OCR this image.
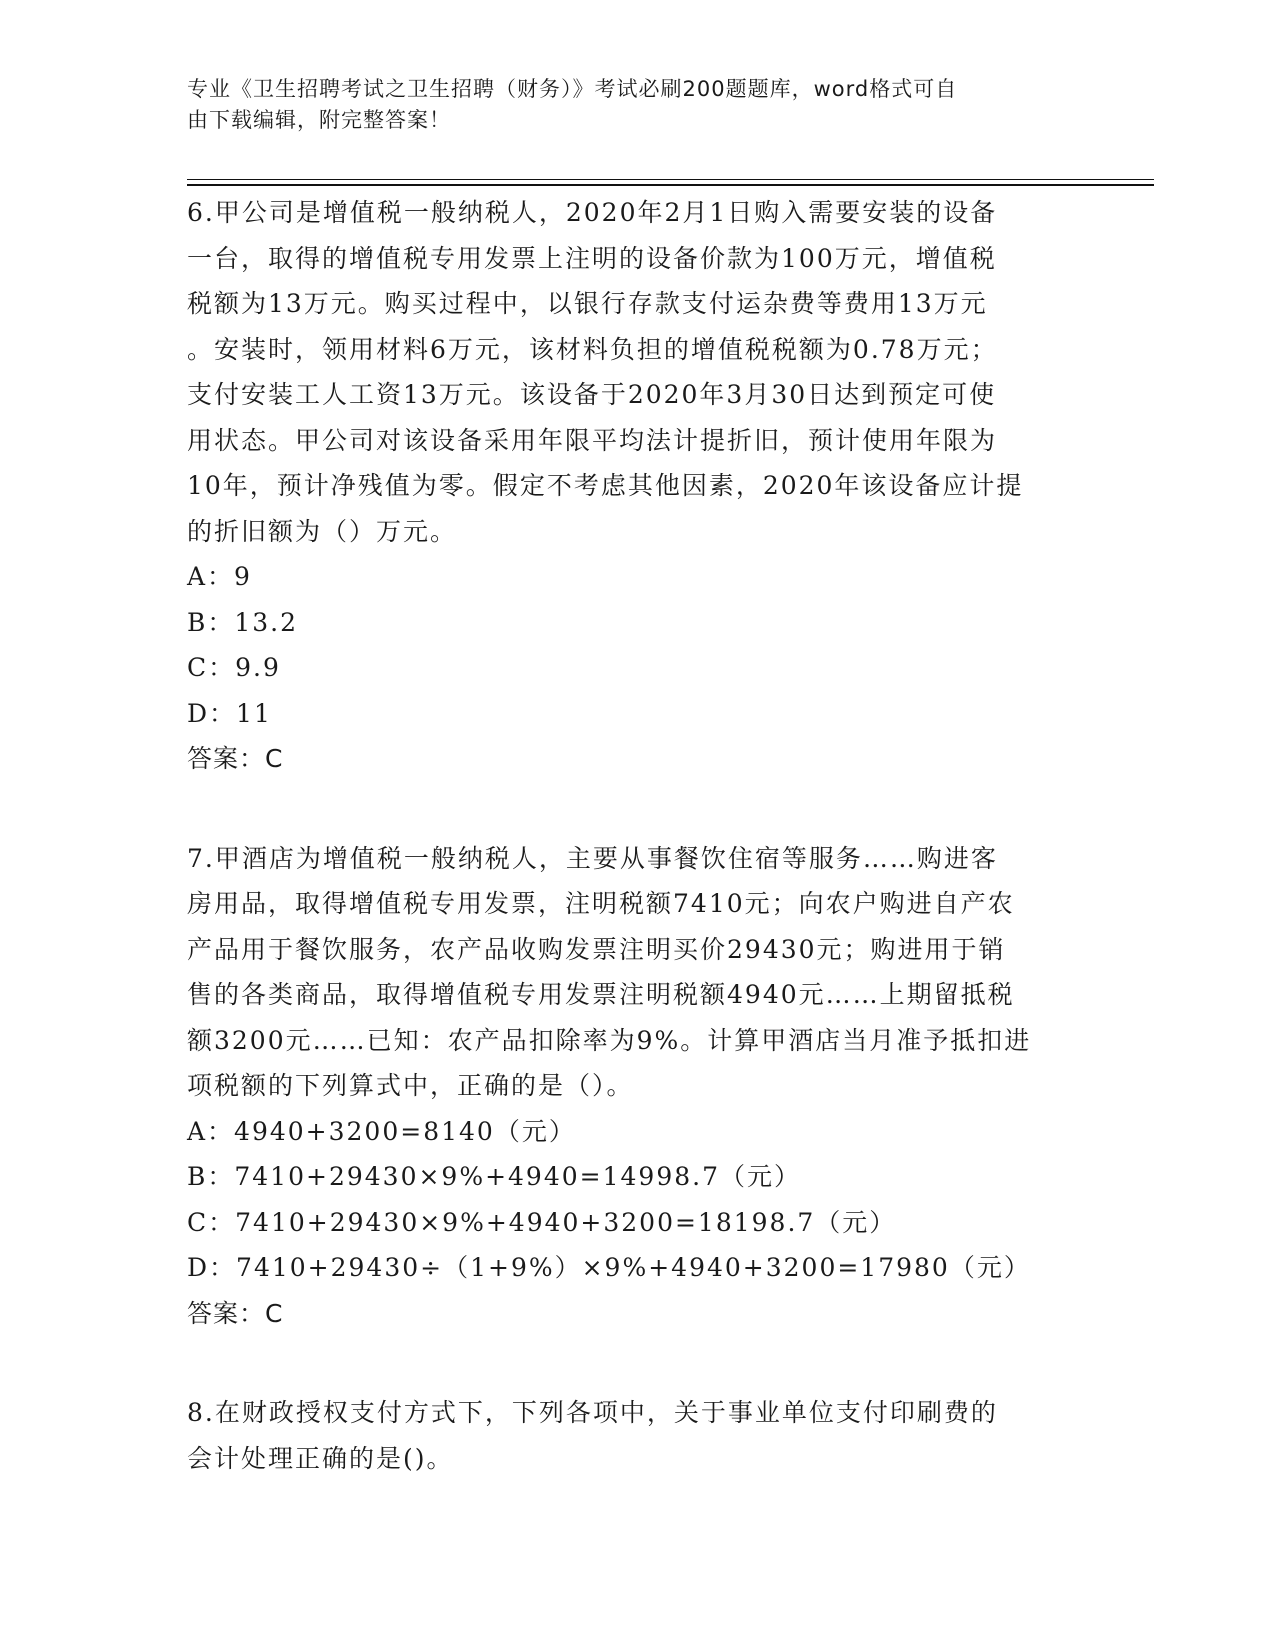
专业《卫生招聘考试之卫生招聘（财务）》考试必刷200题题库，word格式可自
由下载编辑，附完整答案！

6.甲公司是增值税一般纳税人，2020年2月1日购入需要安装的设备

一台，取得的增值税专用发票上注明的设备价款为100万元，增值税

税额为13万元。购买过程中，以银行存款支付运杂费等费用13万元

。安装时，领用材料6万元，该材料负担的增值税税额为0.78万元；

支付安装工人工资13万元。该设备于2020年3月30日达到预定可使

用状态。甲公司对该设备采用年限平均法计提折旧，预计使用年限为

10年，预计净残值为零。假定不考虑其他因素，2020年该设备应计提

的折旧额为（）万元。

A：9

B：13.2

C：9.9

D：11

答案：C

7.甲酒店为增值税一般纳税人，主要从事餐饮住宿等服务……购进客

房用品，取得增值税专用发票，注明税额7410元；向农户购进自产农

产品用于餐饮服务，农产品收购发票注明买价29430元；购进用于销

售的各类商品，取得增值税专用发票注明税额4940元……上期留抵税

额3200元……已知：农产品扣除率为9%。计算甲酒店当月准予抵扣进

项税额的下列算式中，正确的是（）。

A：4940+3200=8140（元）

B：7410+29430×9%+4940=14998.7（元）

C：7410+29430×9%+4940+3200=18198.7（元）

D：7410+29430÷（1+9%）×9%+4940+3200=17980（元）

答案：C

8.在财政授权支付方式下，下列各项中，关于事业单位支付印刷费的

会计处理正确的是()。
